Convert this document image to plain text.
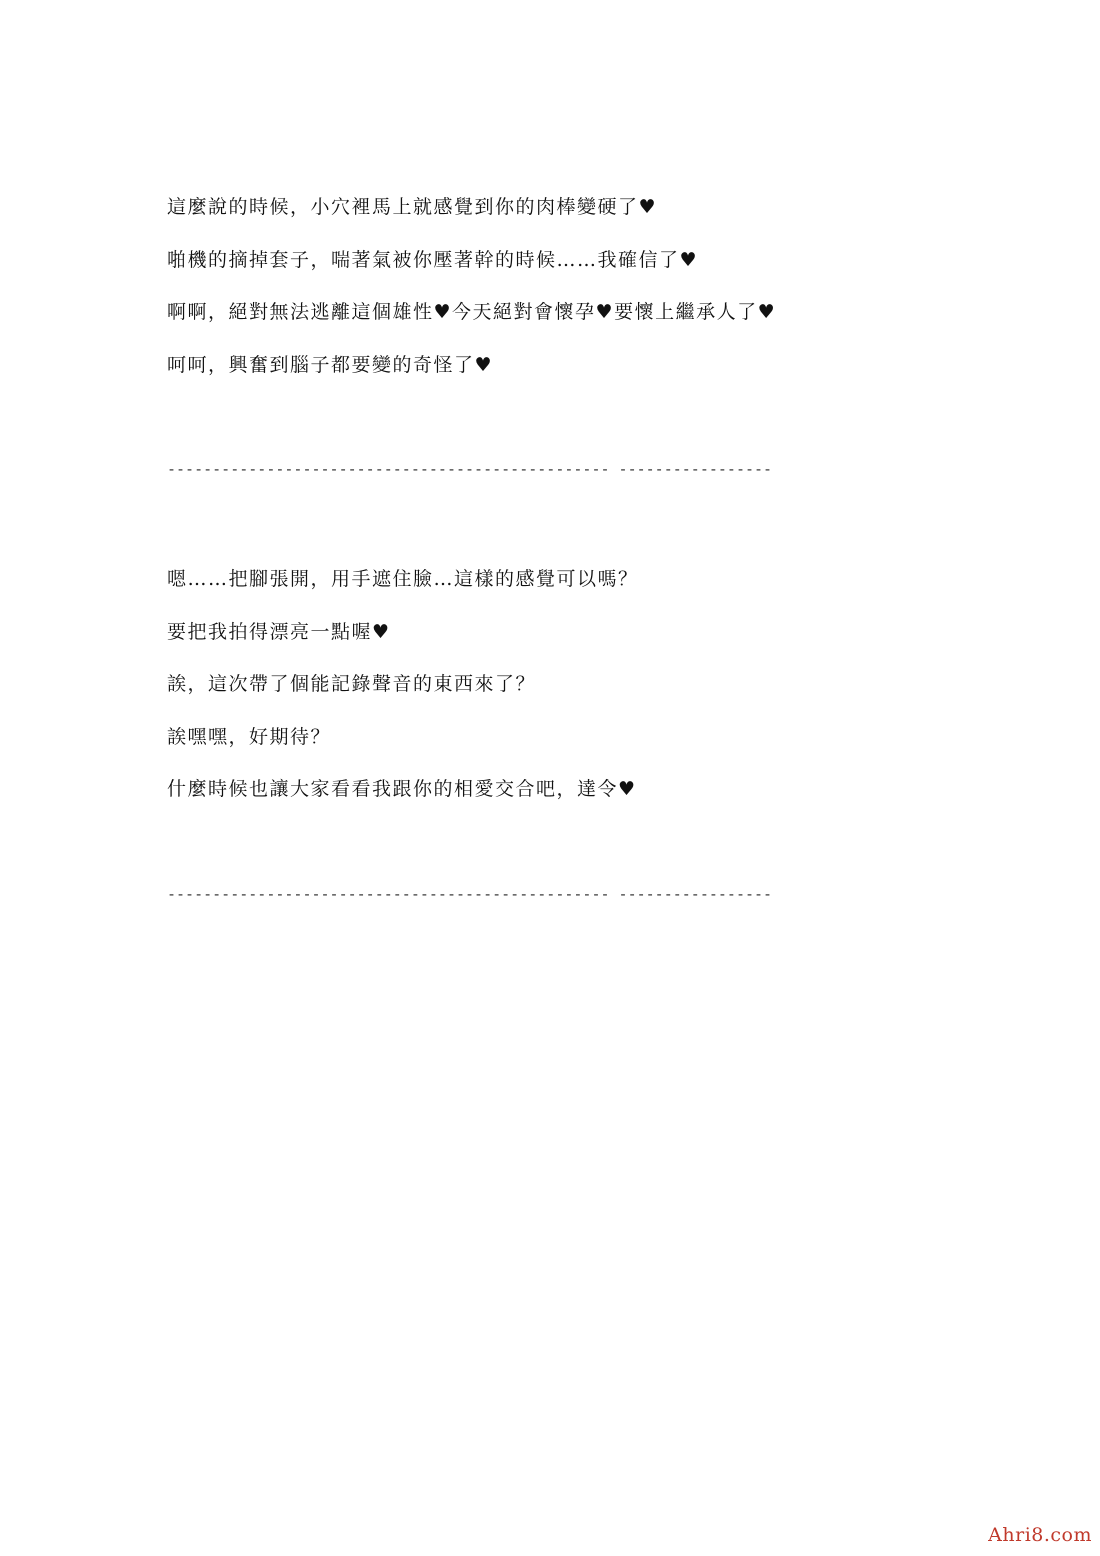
這麼說的時候，小穴裡馬上就感覺到你的肉棒變硬了♥

啪機的摘掉套子，喘著氣被你壓著幹的時候……我確信了♥

啊啊，絕對無法逃離這個雄性♥今天絕對會懷孕♥要懷上繼承人了♥

呵呵，興奮到腦子都要變的奇怪了♥

------------------------------------------------- -----------------

嗯……把腳張開，用手遮住臉…這樣的感覺可以嗎？

要把我拍得漂亮一點喔♥

誒，這次帶了個能記錄聲音的東西來了？

誒嘿嘿，好期待？

什麼時候也讓大家看看我跟你的相愛交合吧，達令♥

------------------------------------------------- -----------------
Ahri8.com
